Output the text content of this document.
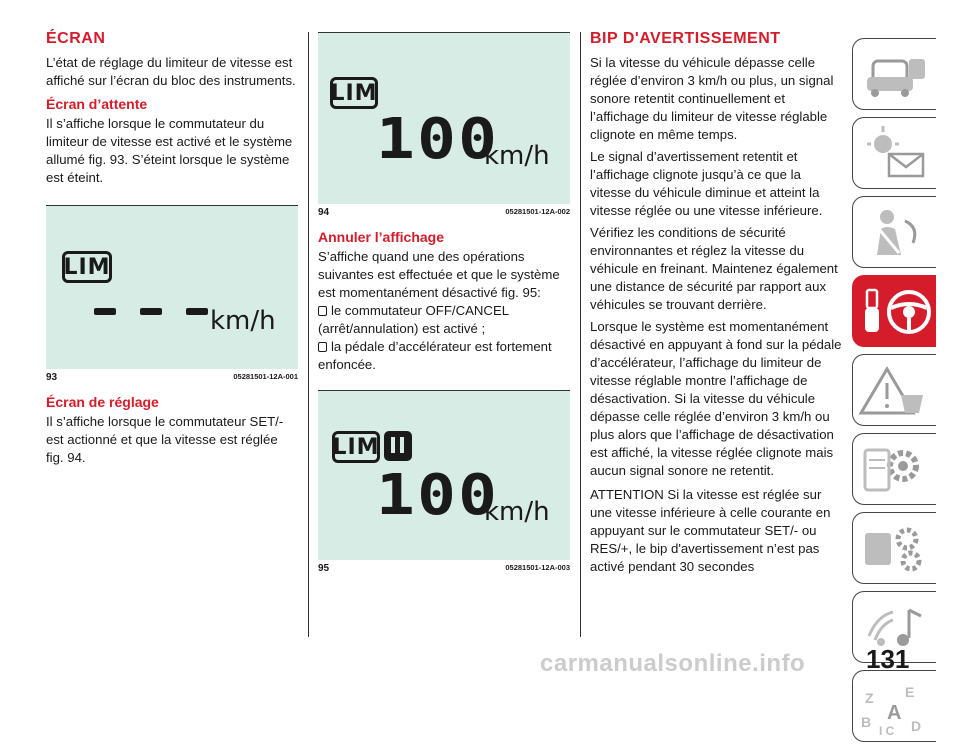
ÉCRAN

L’état de réglage du limiteur de vitesse est affiché sur l’écran du bloc des instruments.

Écran d’attente

Il s’affiche lorsque le commutateur du limiteur de vitesse est activé et le système allumé fig. 93. S’éteint lorsque le système est éteint.

LIM
km/h
93	05281501-12A-001
Écran de réglage

Il s’affiche lorsque le commutateur SET/- est actionné et que la vitesse est réglée fig. 94.

LIM
100
km/h
94	05281501-12A-002
Annuler l’affichage

S’affiche quand une des opérations suivantes est effectuée et que le système est momentanément désactivé fig. 95:

le commutateur OFF/CANCEL (arrêt/annulation) est activé ;
la pédale d’accélérateur est fortement enfoncée.
LIM
100
km/h
95	05281501-12A-003
BIP D'AVERTISSEMENT

Si la vitesse du véhicule dépasse celle réglée d’environ 3 km/h ou plus, un signal sonore retentit continuellement et l’affichage du limiteur de vitesse réglable clignote en même temps.

Le signal d’avertissement retentit et l’affichage clignote jusqu’à ce que la vitesse du véhicule diminue et atteint la vitesse réglée ou une vitesse inférieure.

Vérifiez les conditions de sécurité environnantes et réglez la vitesse du véhicule en freinant. Maintenez également une distance de sécurité par rapport aux véhicules se trouvant derrière.

Lorsque le système est momentanément désactivé en appuyant à fond sur la pédale d’accélérateur, l’affichage du limiteur de vitesse réglable montre l’affichage de désactivation. Si la vitesse du véhicule dépasse celle réglée d’environ 3 km/h ou plus alors que l’affichage de désactivation est affiché, la vitesse réglée clignote mais aucun signal sonore ne retentit.

ATTENTION Si la vitesse est réglée sur une vitesse inférieure à celle courante en appuyant sur le commutateur SET/- ou RES/+, le bip d'avertissement n’est pas activé pendant 30 secondes

Z E
A
B
I C D
carmanualsonline.info 131
